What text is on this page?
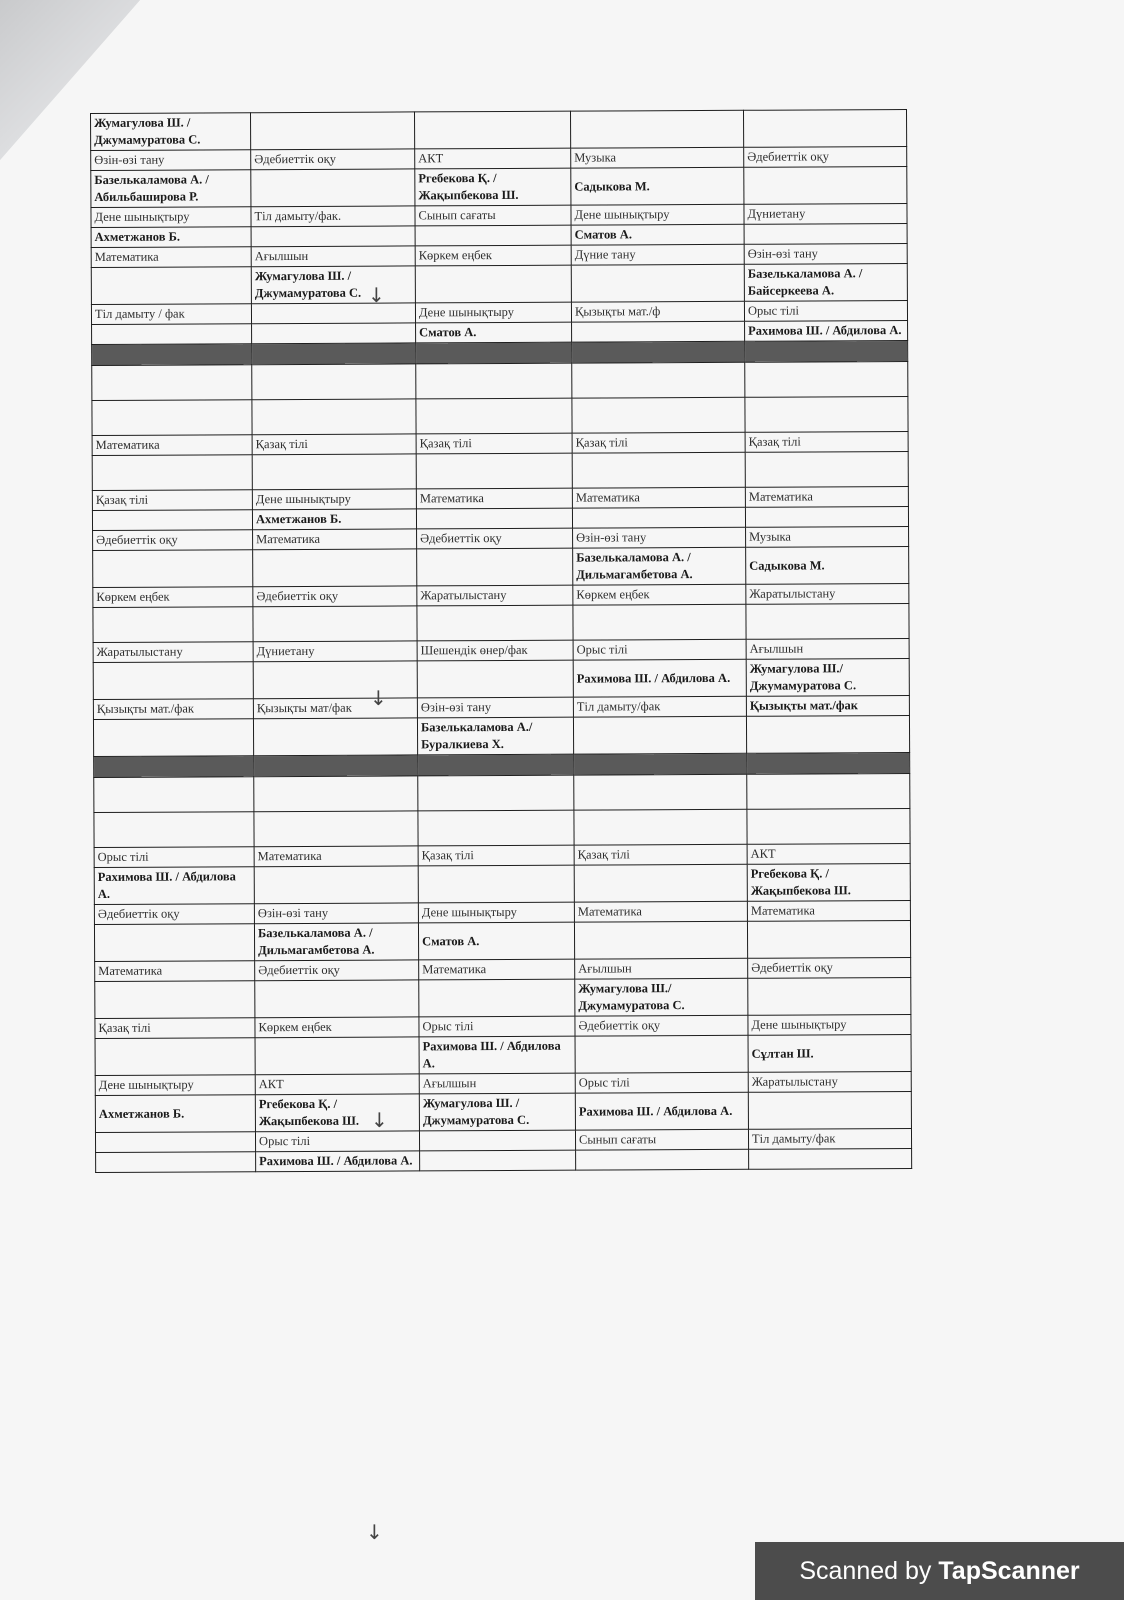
Жумагулова Ш. / Джумамуратова С.				
Өзін-өзі тану	Әдебиеттік оқу	АКТ	Музыка	Әдебиеттік оқу
Базелькаламова А. / Абильбаширова Р.		Ргебекова Қ. / Жақыпбекова Ш.	Садыкова М.	
Дене шынықтыру	Тіл дамыту/фак.	Сынып сағаты	Дене шынықтыру	Дүниетану
Ахметжанов Б.			Сматов А.	
Математика	Ағылшын	Көркем еңбек	Дүние тану	Өзін-өзі тану
	Жумагулова Ш. / Джумамуратова С.			Базелькаламова А. / Байсеркеева А.
Тіл дамыту / фак		Дене шынықтыру	Қызықты мат./ф	Орыс тілі
		Сматов А.		Рахимова Ш. / Абдилова А.

Математика	Қазақ тілі	Қазақ тілі	Қазақ тілі	Қазақ тілі

Қазақ тілі	Дене шынықтыру	Математика	Математика	Математика
	Ахметжанов Б.			
Әдебиеттік оқу	Математика	Әдебиеттік оқу	Өзін-өзі тану	Музыка
			Базелькаламова А. / Дильмагамбетова А.	Садыкова М.
Көркем еңбек	Әдебиеттік оқу	Жаратылыстану	Көркем еңбек	Жаратылыстану

Жаратылыстану	Дүниетану	Шешендік өнер/фак	Орыс тілі	Ағылшын
			Рахимова Ш. / Абдилова А.	Жумагулова Ш./ Джумамуратова С.
Қызықты мат./фак	Қызықты мат/фак	Өзін-өзі тану	Тіл дамыту/фак	Қызықты мат./фак
		Базелькаламова А./ Буралкиева Х.		

Орыс тілі	Математика	Қазақ тілі	Қазақ тілі	АКТ
Рахимова Ш. / Абдилова А.				Ргебекова Қ. / Жақыпбекова Ш.
Әдебиеттік оқу	Өзін-өзі тану	Дене шынықтыру	Математика	Математика
	Базелькаламова А. / Дильмагамбетова А.	Сматов А.		
Математика	Әдебиеттік оқу	Математика	Ағылшын	Әдебиеттік оқу
			Жумагулова Ш./ Джумамуратова С.	
Қазақ тілі	Көркем еңбек	Орыс тілі	Әдебиеттік оқу	Дене шынықтыру
		Рахимова Ш. / Абдилова А.		Сұлтан Ш.
Дене шынықтыру	АКТ	Ағылшын	Орыс тілі	Жаратылыстану
Ахметжанов Б.	Ргебекова Қ. / Жақыпбекова Ш.	Жумагулова Ш. / Джумамуратова С.	Рахимова Ш. / Абдилова А.	
	Орыс тілі		Сынып сағаты	Тіл дамыту/фак
	Рахимова Ш. / Абдилова А.			
↓
↓
↓
↓
Scanned by TapScanner
